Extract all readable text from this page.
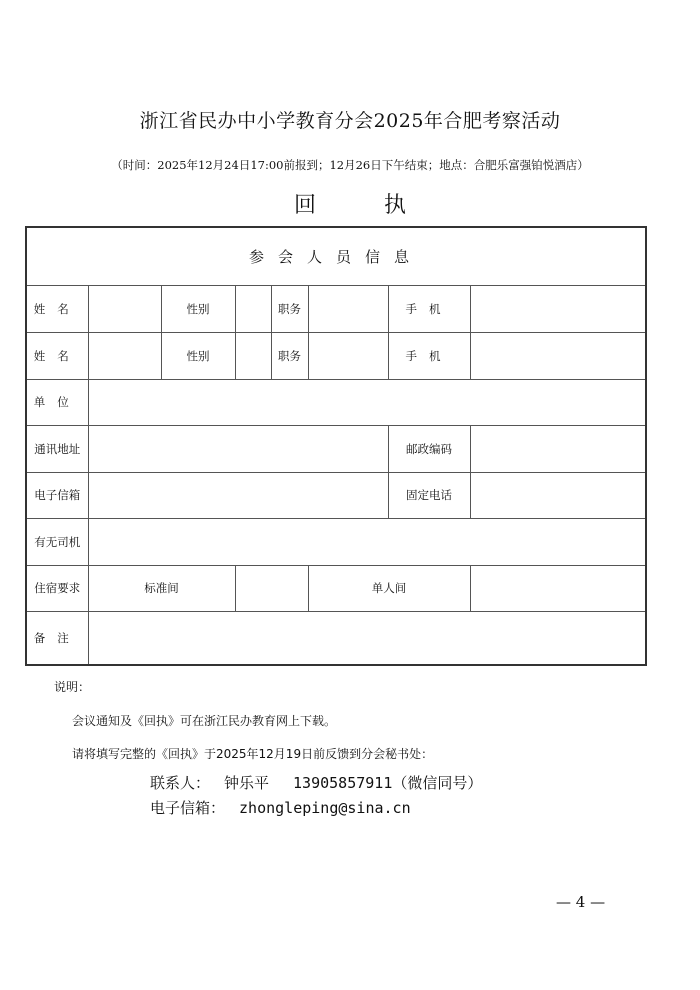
浙江省民办中小学教育分会2025年合肥考察活动
（时间：2025年12月24日17:00前报到；12月26日下午结束；地点：合肥乐富强铂悦酒店）
回	执
参会人员信息							
姓名		性别		职务		手机	
姓名		性别		职务		手机	
单位							
通讯地址						邮政编码	
电子信箱						固定电话	
有无司机							
住宿要求	标准间				单人间		
备注							
说明：
会议通知及《回执》可在浙江民办教育网上下载。
请将填写完整的《回执》于2025年12月19日前反馈到分会秘书处：
联系人： 钟乐平 13905857911（微信同号）
电子信箱： zhongleping@sina.cn
— 4 —
